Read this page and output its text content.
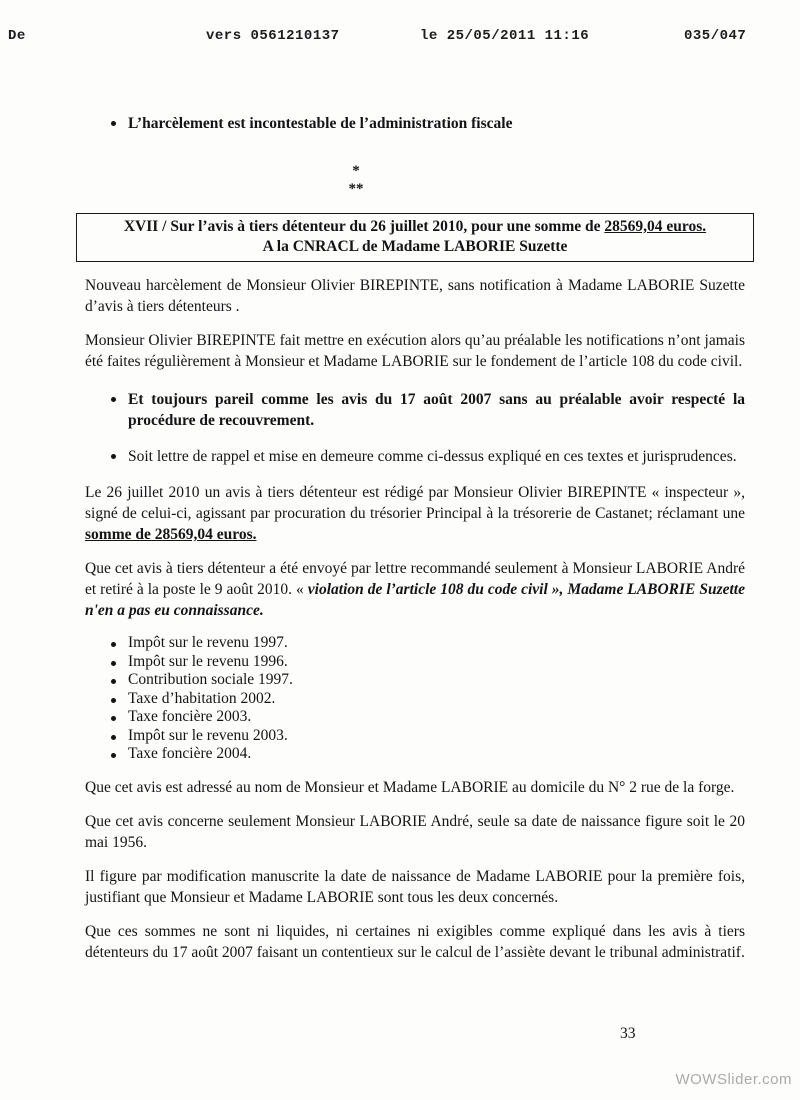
De	vers 0561210137	le 25/05/2011 11:16	035/047
L’harcèlement est incontestable de l’administration fiscale
*
**
XVII / Sur l’avis à tiers détenteur du 26 juillet 2010, pour une somme de 28569,04 euros.
A la CNRACL de Madame LABORIE Suzette

Nouveau harcèlement de Monsieur Olivier BIREPINTE, sans notification à Madame LABORIE Suzette d’avis à tiers détenteurs .

Monsieur Olivier BIREPINTE fait mettre en exécution alors qu’au préalable les notifications n’ont jamais été faites régulièrement à Monsieur et Madame LABORIE sur le fondement de l’article 108 du code civil.

Et toujours pareil comme les avis du 17 août 2007 sans au préalable avoir respecté la procédure de recouvrement.
Soit lettre de rappel et mise en demeure comme ci-dessus expliqué en ces textes et jurisprudences.

Le 26 juillet 2010 un avis à tiers détenteur est rédigé par Monsieur Olivier BIREPINTE « inspecteur », signé de celui-ci, agissant par procuration du trésorier Principal à la trésorerie de Castanet; réclamant une somme de 28569,04 euros.

Que cet avis à tiers détenteur a été envoyé par lettre recommandé seulement à Monsieur LABORIE André et retiré à la poste le 9 août 2010. « violation de l’article 108 du code civil », Madame LABORIE Suzette n'en a pas eu connaissance.

Impôt sur le revenu 1997.
Impôt sur le revenu 1996.
Contribution sociale 1997.
Taxe d’habitation 2002.
Taxe foncière 2003.
Impôt sur le revenu 2003.
Taxe foncière 2004.

Que cet avis est adressé au nom de Monsieur et Madame LABORIE au domicile du N° 2 rue de la forge.

Que cet avis concerne seulement Monsieur LABORIE André, seule sa date de naissance figure soit le 20 mai 1956.

Il figure par modification manuscrite la date de naissance de Madame LABORIE pour la première fois, justifiant que Monsieur et Madame LABORIE sont tous les deux concernés.

Que ces sommes ne sont ni liquides, ni certaines ni exigibles comme expliqué dans les avis à tiers détenteurs du 17 août 2007 faisant un contentieux sur le calcul de l’assiète devant le tribunal administratif.

33
WOWSlider.com
